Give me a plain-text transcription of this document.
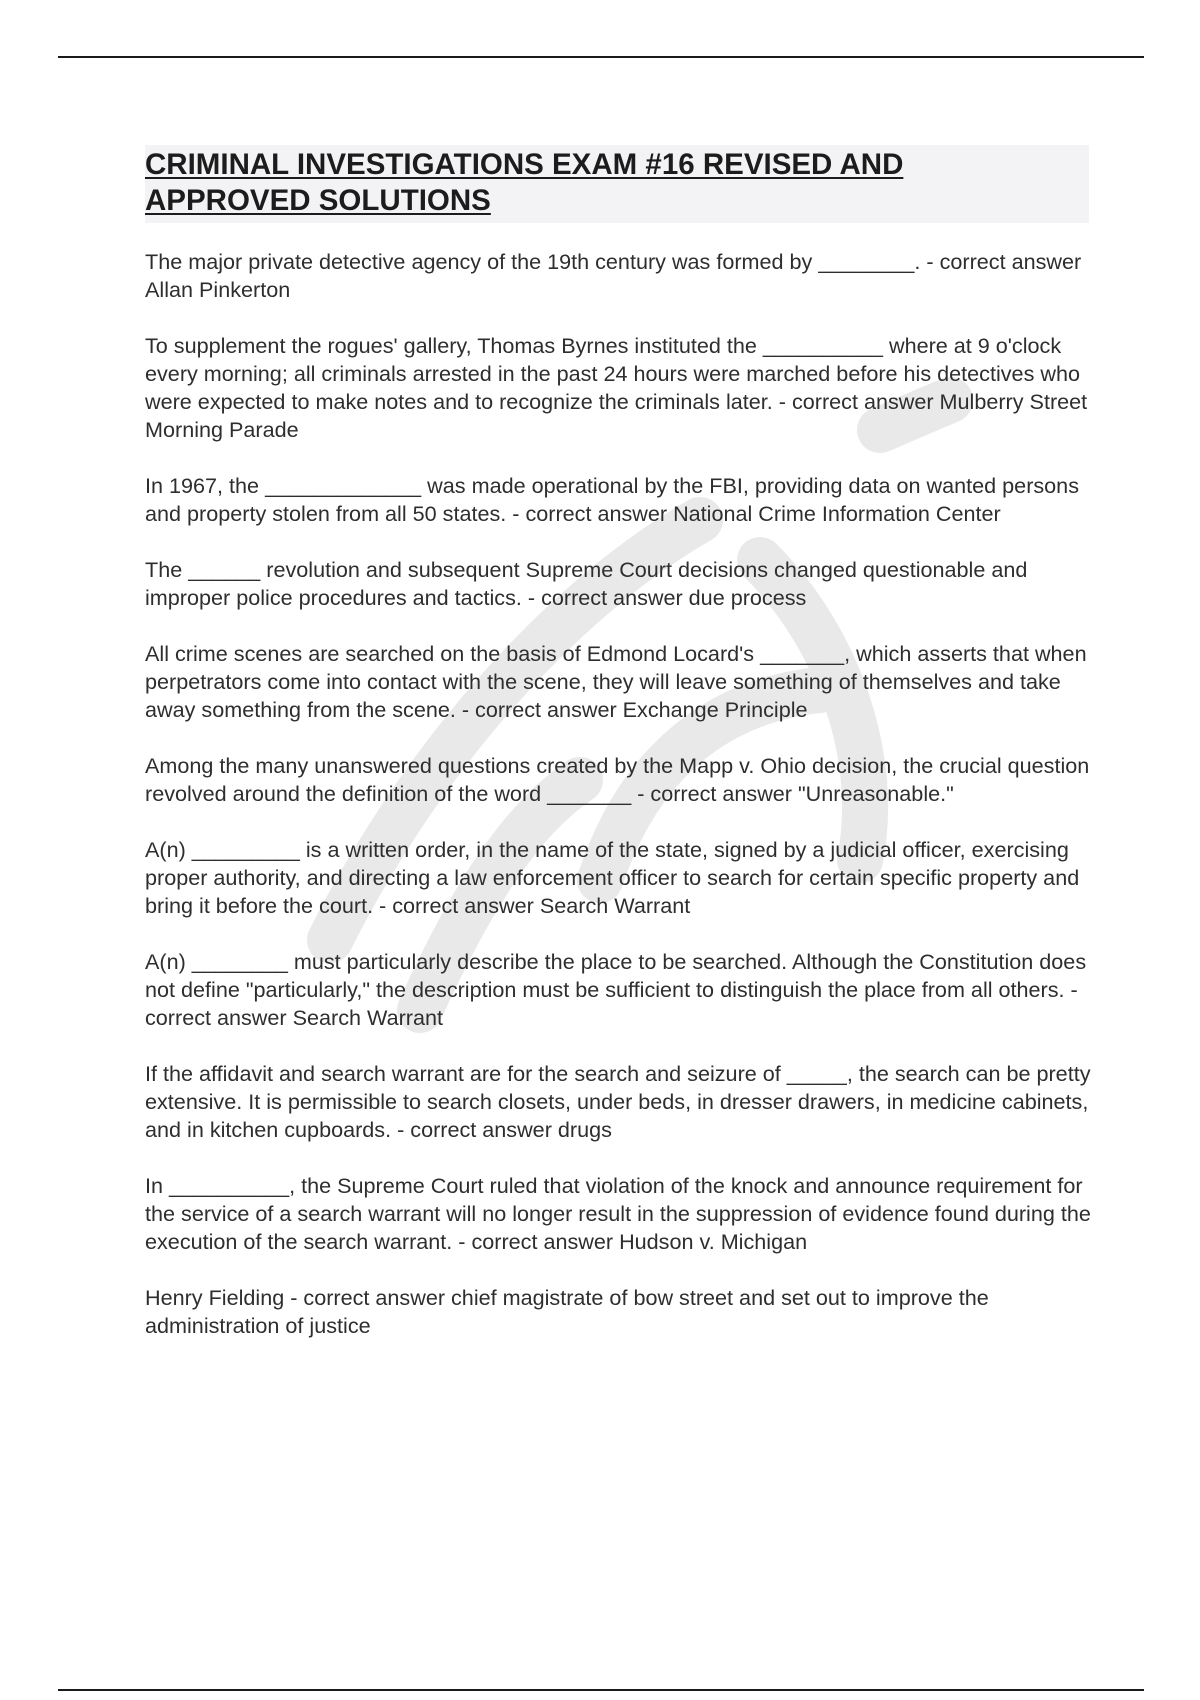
CRIMINAL INVESTIGATIONS EXAM #16 REVISED AND
APPROVED SOLUTIONS

The major private detective agency of the 19th century was formed by ________. - correct answer Allan Pinkerton

To supplement the rogues' gallery, Thomas Byrnes instituted the __________ where at 9 o'clock every morning; all criminals arrested in the past 24 hours were marched before his detectives who were expected to make notes and to recognize the criminals later. - correct answer Mulberry Street Morning Parade

In 1967, the _____________ was made operational by the FBI, providing data on wanted persons and property stolen from all 50 states. - correct answer National Crime Information Center

The ______ revolution and subsequent Supreme Court decisions changed questionable and improper police procedures and tactics. - correct answer due process

All crime scenes are searched on the basis of Edmond Locard's _______, which asserts that when perpetrators come into contact with the scene, they will leave something of themselves and take away something from the scene. - correct answer Exchange Principle

Among the many unanswered questions created by the Mapp v. Ohio decision, the crucial question revolved around the definition of the word _______ - correct answer "Unreasonable."

A(n) _________ is a written order, in the name of the state, signed by a judicial officer, exercising proper authority, and directing a law enforcement officer to search for certain specific property and bring it before the court. - correct answer Search Warrant

A(n) ________ must particularly describe the place to be searched. Although the Constitution does not define "particularly," the description must be sufficient to distinguish the place from all others. - correct answer Search Warrant

If the affidavit and search warrant are for the search and seizure of _____, the search can be pretty extensive. It is permissible to search closets, under beds, in dresser drawers, in medicine cabinets, and in kitchen cupboards. - correct answer drugs

In __________, the Supreme Court ruled that violation of the knock and announce requirement for the service of a search warrant will no longer result in the suppression of evidence found during the execution of the search warrant. - correct answer Hudson v. Michigan

Henry Fielding - correct answer chief magistrate of bow street and set out to improve the administration of justice
